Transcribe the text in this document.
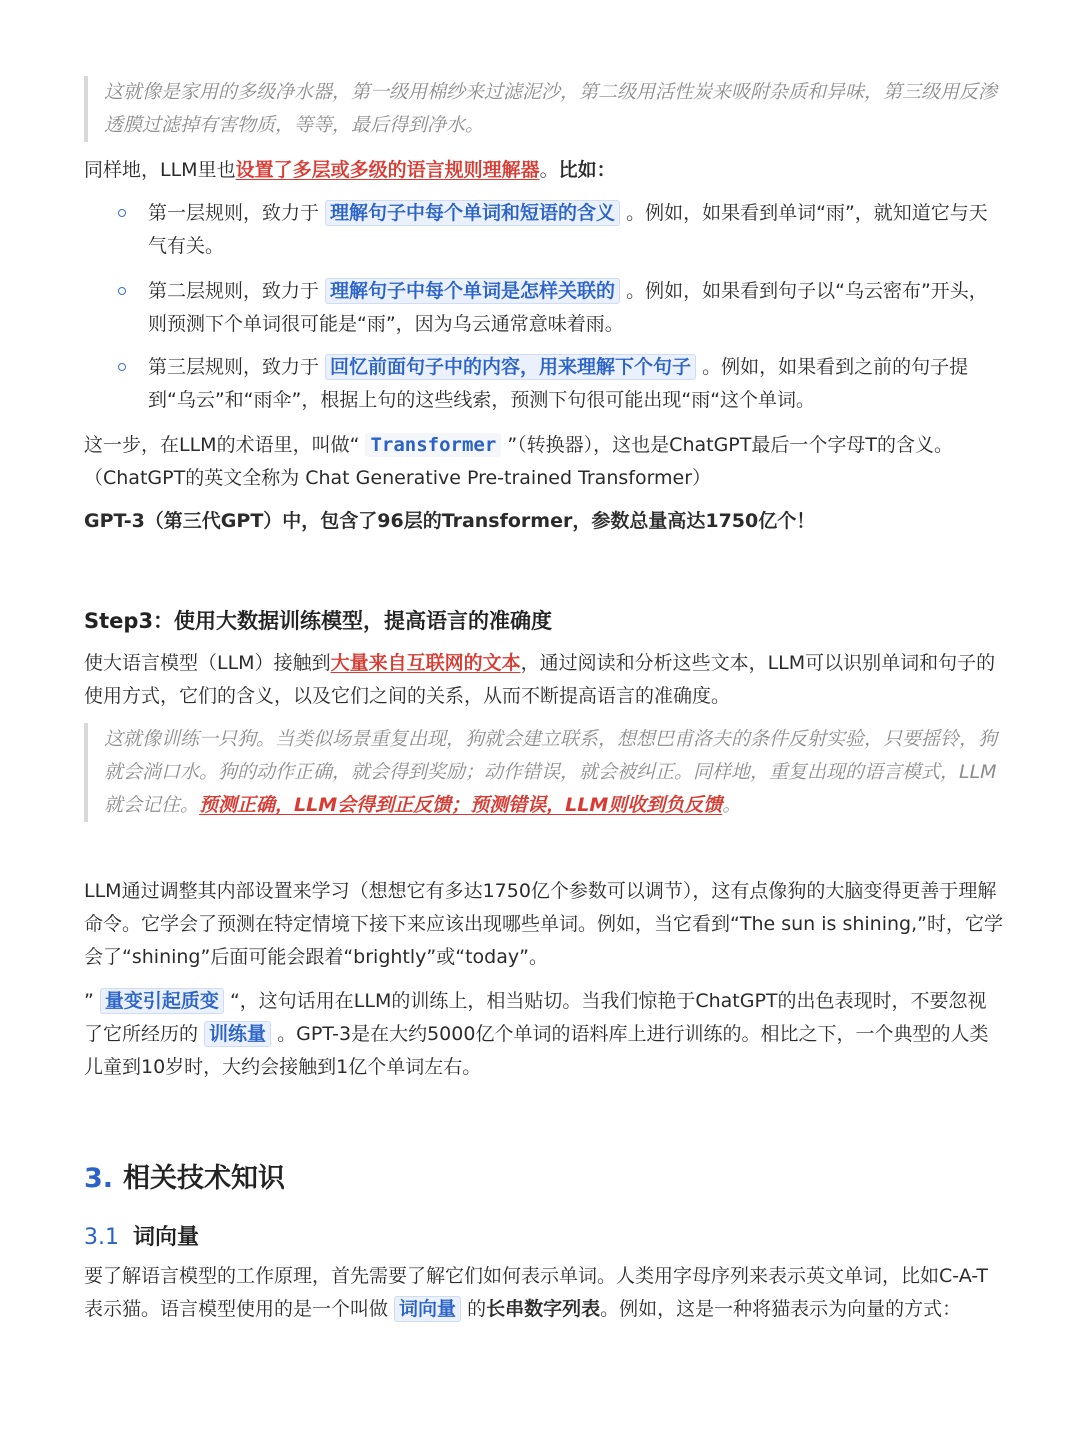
这就像是家用的多级净水器，第一级用棉纱来过滤泥沙，第二级用活性炭来吸附杂质和异味，第三级用反渗透膜过滤掉有害物质，等等，最后得到净水。

同样地，LLM里也设置了多层或多级的语言规则理解器。比如：

第一层规则，致力于 理解句子中每个单词和短语的含义 。例如，如果看到单词“雨”，就知道它与天气有关。
第二层规则，致力于 理解句子中每个单词是怎样关联的 。例如，如果看到句子以“乌云密布”开头，则预测下个单词很可能是“雨”，因为乌云通常意味着雨。
第三层规则，致力于 回忆前面句子中的内容，用来理解下个句子 。例如，如果看到之前的句子提到“乌云”和“雨伞”，根据上句的这些线索，预测下句很可能出现“雨“这个单词。

这一步，在LLM的术语里，叫做“ Transformer ”（转换器），这也是ChatGPT最后一个字母T的含义。（ChatGPT的英文全称为 Chat Generative Pre-trained Transformer）

GPT-3（第三代GPT）中，包含了96层的Transformer，参数总量高达1750亿个！

Step3：使用大数据训练模型，提高语言的准确度

使大语言模型（LLM）接触到大量来自互联网的文本，通过阅读和分析这些文本，LLM可以识别单词和句子的使用方式，它们的含义，以及它们之间的关系，从而不断提高语言的准确度。

这就像训练一只狗。当类似场景重复出现，狗就会建立联系，想想巴甫洛夫的条件反射实验，只要摇铃，狗就会淌口水。狗的动作正确，就会得到奖励；动作错误，就会被纠正。同样地，重复出现的语言模式，LLM就会记住。预测正确，LLM会得到正反馈；预测错误，LLM则收到负反馈。

LLM通过调整其内部设置来学习（想想它有多达1750亿个参数可以调节），这有点像狗的大脑变得更善于理解命令。它学会了预测在特定情境下接下来应该出现哪些单词。例如，当它看到“The sun is shining,”时，它学会了“shining”后面可能会跟着“brightly”或“today”。

” 量变引起质变 “，这句话用在LLM的训练上，相当贴切。当我们惊艳于ChatGPT的出色表现时，不要忽视了它所经历的 训练量 。GPT-3是在大约5000亿个单词的语料库上进行训练的。相比之下，一个典型的人类儿童到10岁时，大约会接触到1亿个单词左右。

3. 相关技术知识
3.1 词向量

要了解语言模型的工作原理，首先需要了解它们如何表示单词。人类用字母序列来表示英文单词，比如C-A-T表示猫。语言模型使用的是一个叫做 词向量 的长串数字列表。例如，这是一种将猫表示为向量的方式：
